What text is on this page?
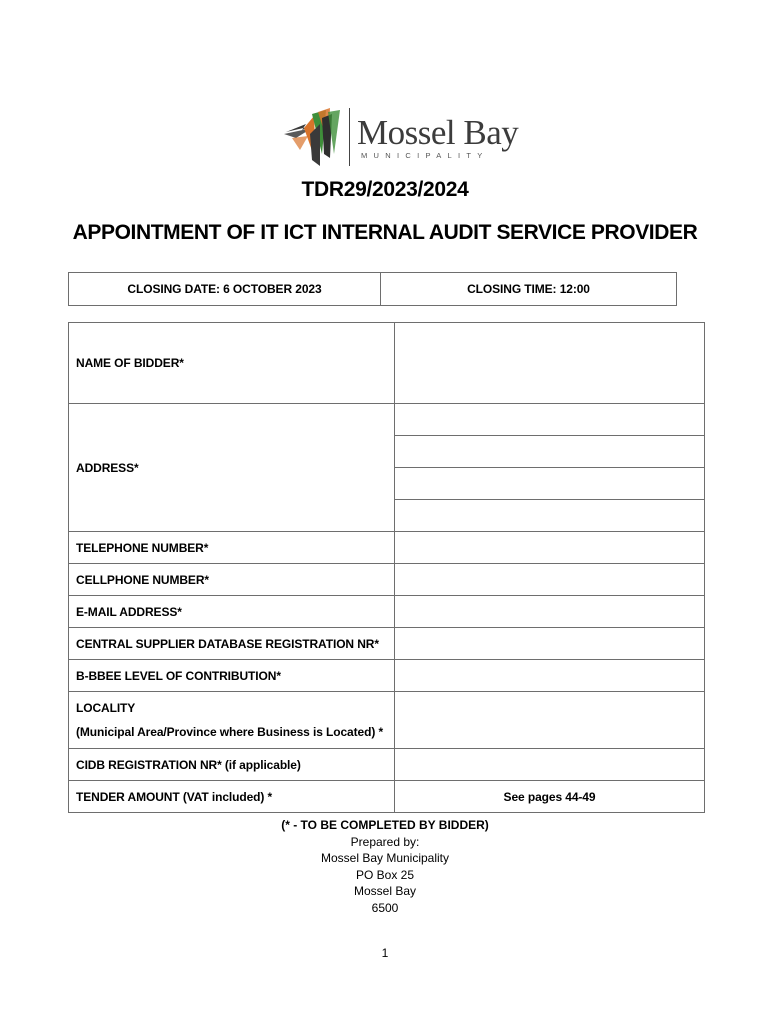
Mossel Bay
MUNICIPALITY
TDR29/2023/2024
APPOINTMENT OF IT ICT INTERNAL AUDIT SERVICE PROVIDER
CLOSING DATE: 6 OCTOBER 2023	CLOSING TIME: 12:00
NAME OF BIDDER*	
ADDRESS*	

TELEPHONE NUMBER*	
CELLPHONE NUMBER*	
E-MAIL ADDRESS*	
CENTRAL SUPPLIER DATABASE REGISTRATION NR*	
B-BBEE LEVEL OF CONTRIBUTION*	

LOCALITY
(Municipal Area/Province where Business is Located) *	

CIDB REGISTRATION NR* (if applicable)	
TENDER AMOUNT (VAT included) *	See pages 44-49
(* - TO BE COMPLETED BY BIDDER)
Prepared by:
Mossel Bay Municipality
PO Box 25
Mossel Bay
6500
1
